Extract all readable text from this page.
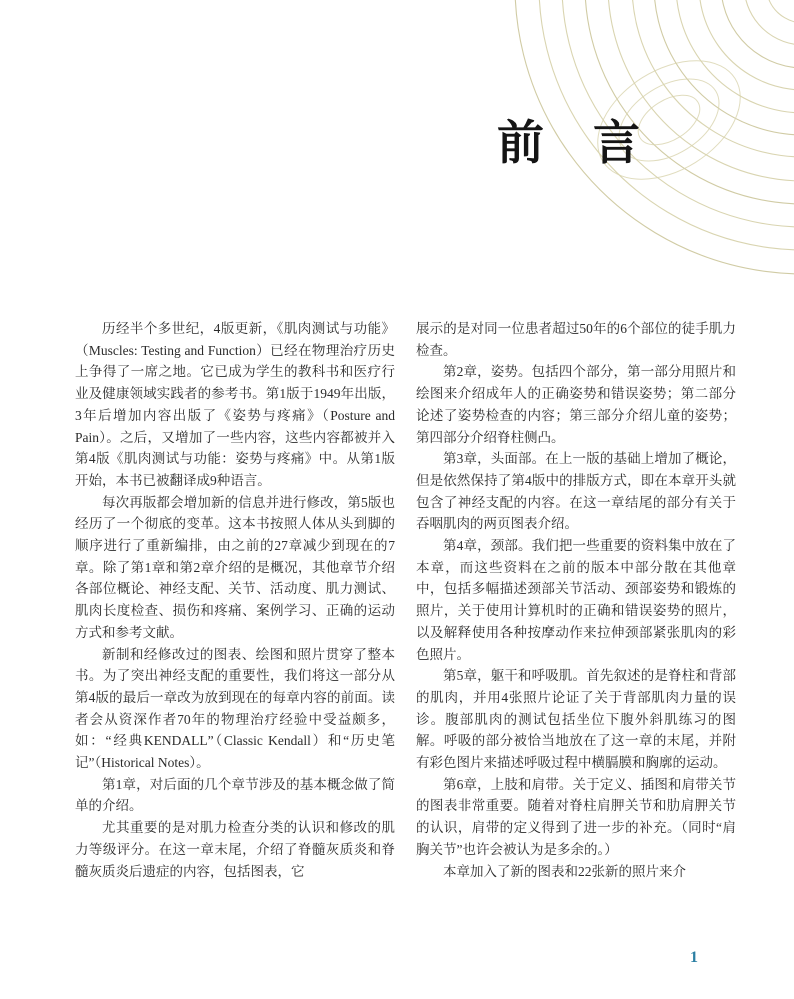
前　言

历经半个多世纪，4版更新，《肌肉测试与功能》（Muscles: Testing and Function）已经在物理治疗历史上争得了一席之地。它已成为学生的教科书和医疗行业及健康领域实践者的参考书。第1版于1949年出版，3年后增加内容出版了《姿势与疼痛》（Posture and Pain）。之后，又增加了一些内容，这些内容都被并入第4版《肌肉测试与功能：姿势与疼痛》中。从第1版开始，本书已被翻译成9种语言。

每次再版都会增加新的信息并进行修改，第5版也经历了一个彻底的变革。这本书按照人体从头到脚的顺序进行了重新编排，由之前的27章减少到现在的7章。除了第1章和第2章介绍的是概况，其他章节介绍各部位概论、神经支配、关节、活动度、肌力测试、肌肉长度检查、损伤和疼痛、案例学习、正确的运动方式和参考文献。

新制和经修改过的图表、绘图和照片贯穿了整本书。为了突出神经支配的重要性，我们将这一部分从第4版的最后一章改为放到现在的每章内容的前面。读者会从资深作者70年的物理治疗经验中受益颇多，如：“经典KENDALL”（Classic Kendall）和“历史笔记”（Historical Notes）。

第1章，对后面的几个章节涉及的基本概念做了简单的介绍。

尤其重要的是对肌力检查分类的认识和修改的肌力等级评分。在这一章末尾，介绍了脊髓灰质炎和脊髓灰质炎后遗症的内容，包括图表，它

展示的是对同一位患者超过50年的6个部位的徒手肌力检查。

第2章，姿势。包括四个部分，第一部分用照片和绘图来介绍成年人的正确姿势和错误姿势；第二部分论述了姿势检查的内容；第三部分介绍儿童的姿势；第四部分介绍脊柱侧凸。

第3章，头面部。在上一版的基础上增加了概论，但是依然保持了第4版中的排版方式，即在本章开头就包含了神经支配的内容。在这一章结尾的部分有关于吞咽肌肉的两页图表介绍。

第4章，颈部。我们把一些重要的资料集中放在了本章，而这些资料在之前的版本中部分散在其他章中，包括多幅描述颈部关节活动、颈部姿势和锻炼的照片，关于使用计算机时的正确和错误姿势的照片，以及解释使用各种按摩动作来拉伸颈部紧张肌肉的彩色照片。

第5章，躯干和呼吸肌。首先叙述的是脊柱和背部的肌肉，并用4张照片论证了关于背部肌肉力量的误诊。腹部肌肉的测试包括坐位下腹外斜肌练习的图解。呼吸的部分被恰当地放在了这一章的末尾，并附有彩色图片来描述呼吸过程中横膈膜和胸廓的运动。

第6章，上肢和肩带。关于定义、插图和肩带关节的图表非常重要。随着对脊柱肩胛关节和肋肩胛关节的认识，肩带的定义得到了进一步的补充。（同时“肩胸关节”也许会被认为是多余的。）

本章加入了新的图表和22张新的照片来介

1
